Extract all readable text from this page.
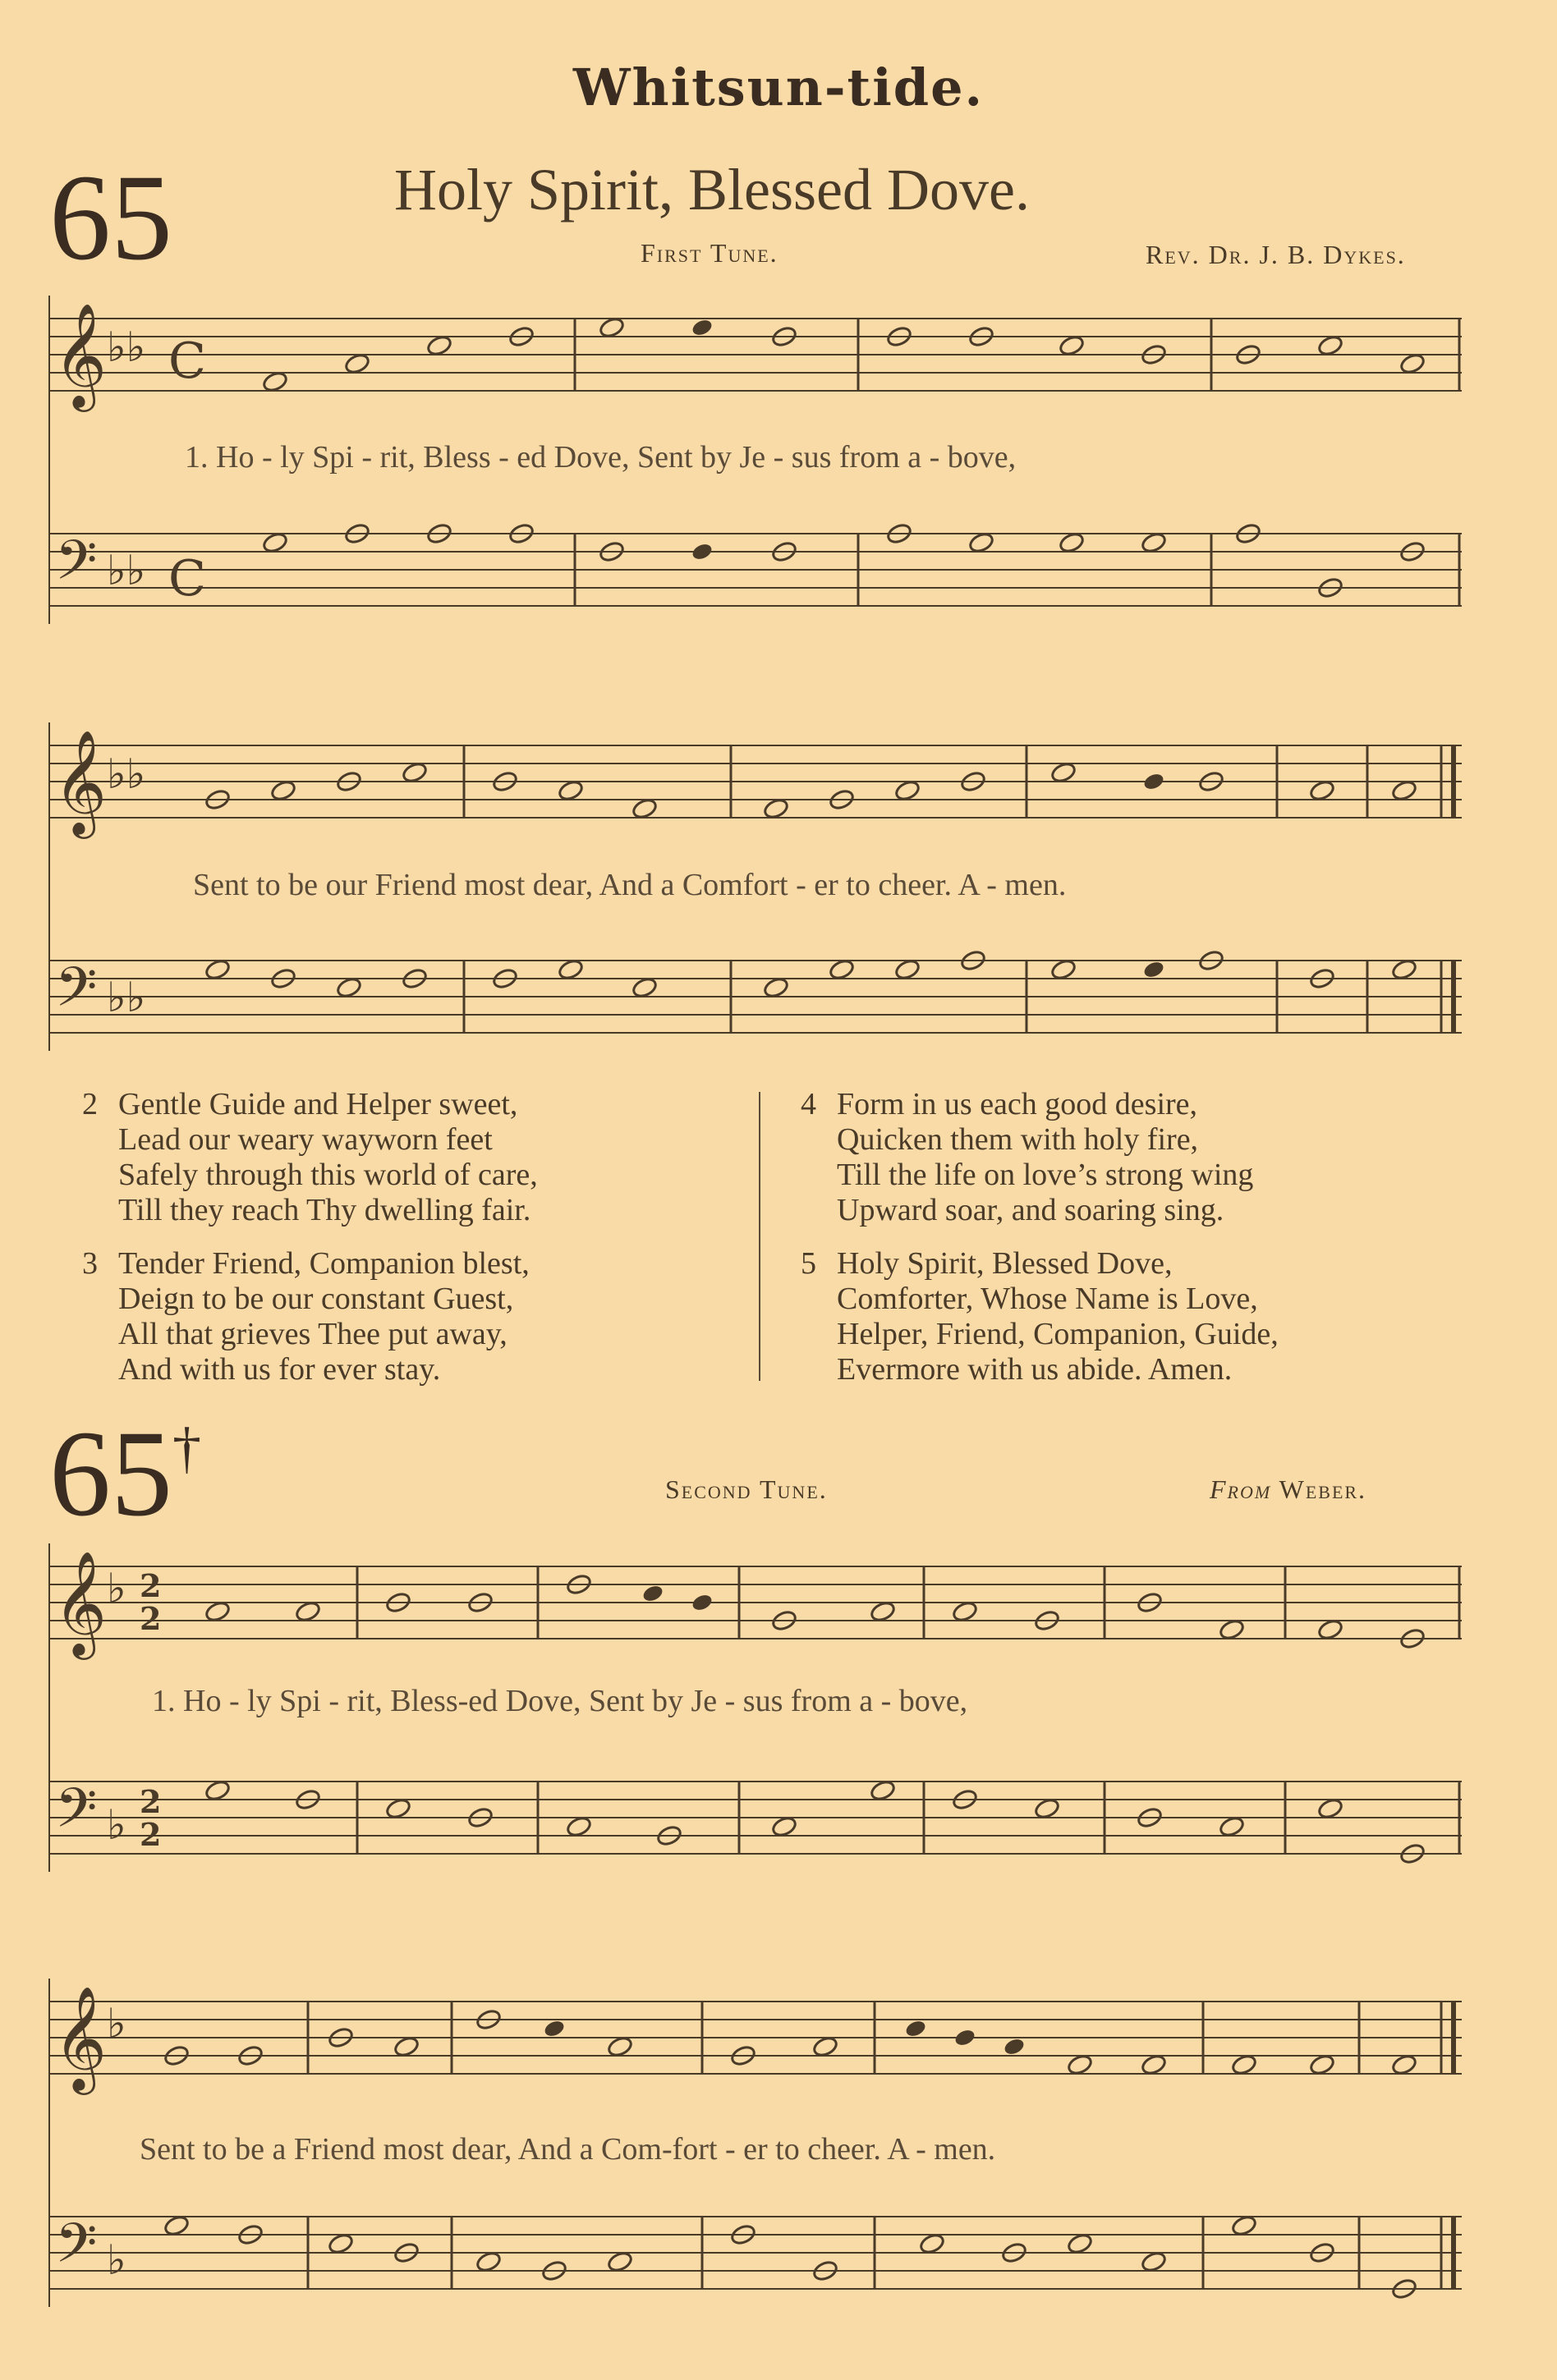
Whitsun-tide.
65	Holy Spirit, Blessed Dove.
First Tune.	Rev. Dr. J. B. Dykes.
𝄞 ♭♭ C
𝄢 ♭♭ C
1. Ho - ly Spi - rit, Bless - ed Dove, Sent by Je - sus from a - bove,
𝄞 ♭♭
𝄢 ♭♭
Sent to be our Friend most dear, And a Comfort - er to cheer. A - men.
2 Gentle Guide and Helper sweet,
Lead our weary wayworn feet
Safely through this world of care,
Till they reach Thy dwelling fair.
3 Tender Friend, Companion blest,
Deign to be our constant Guest,
All that grieves Thee put away,
And with us for ever stay.
4 Form in us each good desire,
Quicken them with holy fire,
Till the life on love’s strong wing
Upward soar, and soaring sing.
5 Holy Spirit, Blessed Dove,
Comforter, Whose Name is Love,
Helper, Friend, Companion, Guide,
Evermore with us abide. Amen.
65†
Second Tune.	From Weber.
𝄞 ♭ 2
2
𝄢 ♭ 2
2
1. Ho - ly Spi - rit, Bless-ed Dove, Sent by Je - sus from a - bove,
𝄞 ♭
𝄢 ♭
Sent to be a Friend most dear, And a Com-fort - er to cheer. A - men.
